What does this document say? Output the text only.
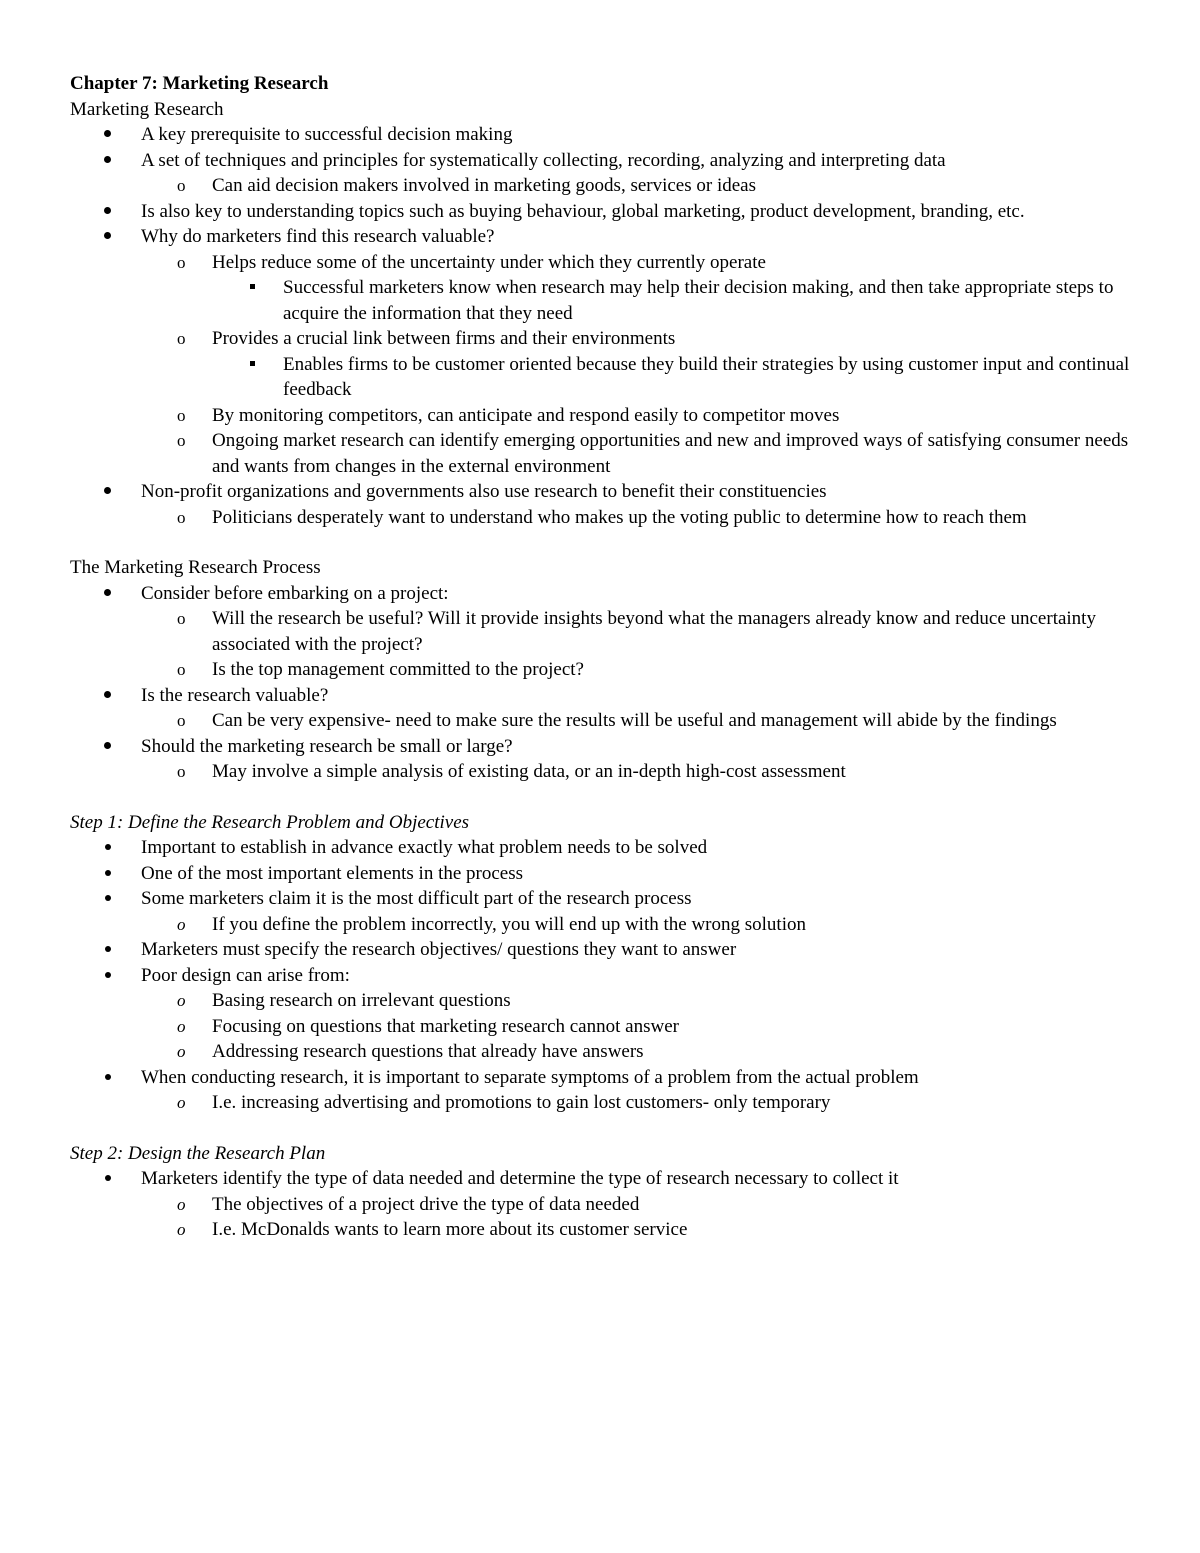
Chapter 7: Marketing Research

Marketing Research

A key prerequisite to successful decision making
A set of techniques and principles for systematically collecting, recording, analyzing and interpreting data
o Can aid decision makers involved in marketing goods, services or ideas
Is also key to understanding topics such as buying behaviour, global marketing, product development, branding, etc.
Why do marketers find this research valuable?
o Helps reduce some of the uncertainty under which they currently operate
Successful marketers know when research may help their decision making, and then take appropriate steps to acquire the information that they need
o Provides a crucial link between firms and their environments
Enables firms to be customer oriented because they build their strategies by using customer input and continual feedback
o By monitoring competitors, can anticipate and respond easily to competitor moves
o Ongoing market research can identify emerging opportunities and new and improved ways of satisfying consumer needs and wants from changes in the external environment
Non-profit organizations and governments also use research to benefit their constituencies
o Politicians desperately want to understand who makes up the voting public to determine how to reach them

The Marketing Research Process

Consider before embarking on a project:
o Will the research be useful? Will it provide insights beyond what the managers already know and reduce uncertainty associated with the project?
o Is the top management committed to the project?
Is the research valuable?
o Can be very expensive- need to make sure the results will be useful and management will abide by the findings
Should the marketing research be small or large?
o May involve a simple analysis of existing data, or an in-depth high-cost assessment

Step 1: Define the Research Problem and Objectives

Important to establish in advance exactly what problem needs to be solved
One of the most important elements in the process
Some marketers claim it is the most difficult part of the research process
o If you define the problem incorrectly, you will end up with the wrong solution
Marketers must specify the research objectives/ questions they want to answer
Poor design can arise from:
o Basing research on irrelevant questions
o Focusing on questions that marketing research cannot answer
o Addressing research questions that already have answers
When conducting research, it is important to separate symptoms of a problem from the actual problem
o I.e. increasing advertising and promotions to gain lost customers- only temporary

Step 2: Design the Research Plan

Marketers identify the type of data needed and determine the type of research necessary to collect it
o The objectives of a project drive the type of data needed
o I.e. McDonalds wants to learn more about its customer service
